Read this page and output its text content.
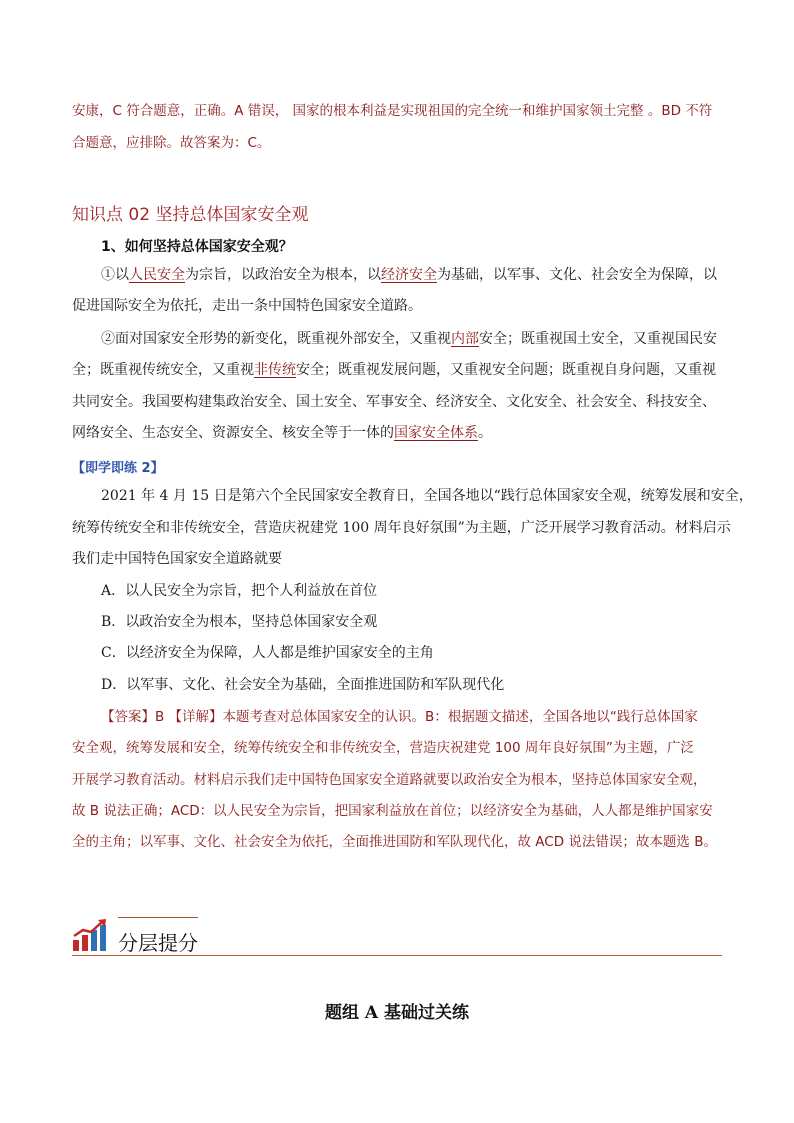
安康，C 符合题意，正确。A 错误， 国家的根本利益是实现祖国的完全统一和维护国家领土完整 。BD 不符
合题意，应排除。故答案为：C。
知识点 02 坚持总体国家安全观
1、如何坚持总体国家安全观？
①以人民安全为宗旨，以政治安全为根本，以经济安全为基础，以军事、文化、社会安全为保障，以
促进国际安全为依托，走出一条中国特色国家安全道路。
②面对国家安全形势的新变化，既重视外部安全，又重视内部安全；既重视国土安全，又重视国民安
全；既重视传统安全，又重视非传统安全；既重视发展问题，又重视安全问题；既重视自身问题，又重视
共同安全。我国要构建集政治安全、国土安全、军事安全、经济安全、文化安全、社会安全、科技安全、
网络安全、生态安全、资源安全、核安全等于一体的国家安全体系。
【即学即练 2】
2021 年 4 月 15 日是第六个全民国家安全教育日，全国各地以“践行总体国家安全观，统筹发展和安全，
统筹传统安全和非传统安全，营造庆祝建党 100 周年良好氛围”为主题，广泛开展学习教育活动。材料启示
我们走中国特色国家安全道路就要
A．以人民安全为宗旨，把个人利益放在首位
B．以政治安全为根本，坚持总体国家安全观
C．以经济安全为保障，人人都是维护国家安全的主角
D．以军事、文化、社会安全为基础，全面推进国防和军队现代化
【答案】B 【详解】本题考查对总体国家安全的认识。B：根据题文描述，全国各地以“践行总体国家
安全观，统筹发展和安全，统筹传统安全和非传统安全，营造庆祝建党 100 周年良好氛围”为主题，广泛
开展学习教育活动。材料启示我们走中国特色国家安全道路就要以政治安全为根本，坚持总体国家安全观，
故 B 说法正确；ACD：以人民安全为宗旨，把国家利益放在首位；以经济安全为基础，人人都是维护国家安
全的主角；以军事、文化、社会安全为依托，全面推进国防和军队现代化，故 ACD 说法错误；故本题选 B。
分层提分
题组 A 基础过关练
